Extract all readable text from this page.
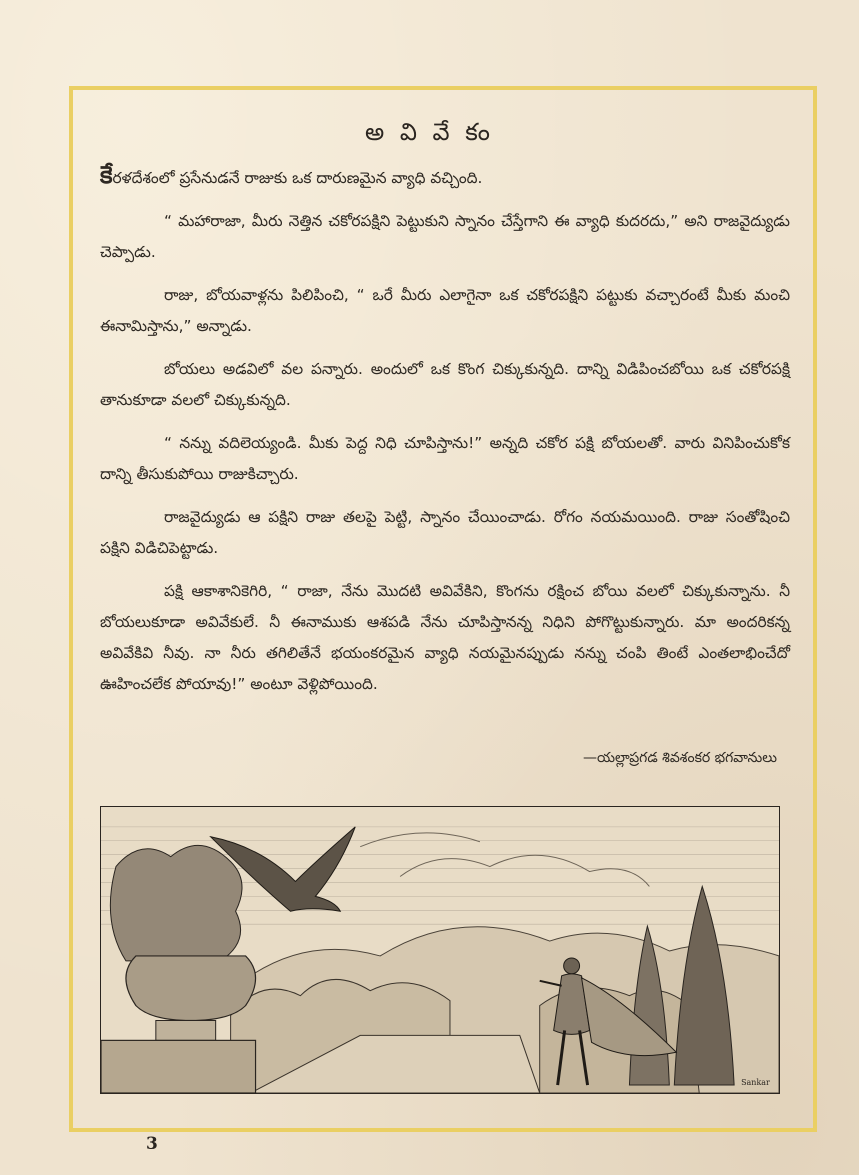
అ వి వే కం

కేరళదేశంలో ప్రసేనుడనే రాజుకు ఒక దారుణమైన వ్యాధి వచ్చింది.

“ మహారాజా, మీరు నెత్తిన చకోరపక్షిని పెట్టుకుని స్నానం చేస్తేగాని ఈ వ్యాధి కుదరదు,” అని రాజవైద్యుడు చెప్పాడు.

రాజు, బోయవాళ్లను పిలిపించి, “ ఒరే మీరు ఎలాగైనా ఒక చకోరపక్షిని పట్టుకు వచ్చారంటే మీకు మంచి ఈనామిస్తాను,” అన్నాడు.

బోయలు అడవిలో వల పన్నారు. అందులో ఒక కొంగ చిక్కుకున్నది. దాన్ని విడిపించబోయి ఒక చకోరపక్షి తానుకూడా వలలో చిక్కుకున్నది.

“ నన్ను వదిలెయ్యండి. మీకు పెద్ద నిధి చూపిస్తాను!” అన్నది చకోర పక్షి బోయలతో. వారు వినిపించుకోక దాన్ని తీసుకుపోయి రాజుకిచ్చారు.

రాజవైద్యుడు ఆ పక్షిని రాజు తలపై పెట్టి, స్నానం చేయించాడు. రోగం నయమయింది. రాజు సంతోషించి పక్షిని విడిచిపెట్టాడు.

పక్షి ఆకాశానికెగిరి, “ రాజా, నేను మొదటి అవివేకిని, కొంగను రక్షించ బోయి వలలో చిక్కుకున్నాను. నీ బోయలుకూడా అవివేకులే. నీ ఈనాముకు ఆశపడి నేను చూపిస్తానన్న నిధిని పోగొట్టుకున్నారు. మా అందరికన్న అవివేకివి నీవు. నా నీరు తగిలితేనే భయంకరమైన వ్యాధి నయమైనప్పుడు నన్ను చంపి తింటే ఎంతలాభించేదో ఊహించలేక పోయావు!” అంటూ వెళ్లిపోయింది.

—యల్లాప్రగడ శివశంకర భగవానులు
Sankar
3
